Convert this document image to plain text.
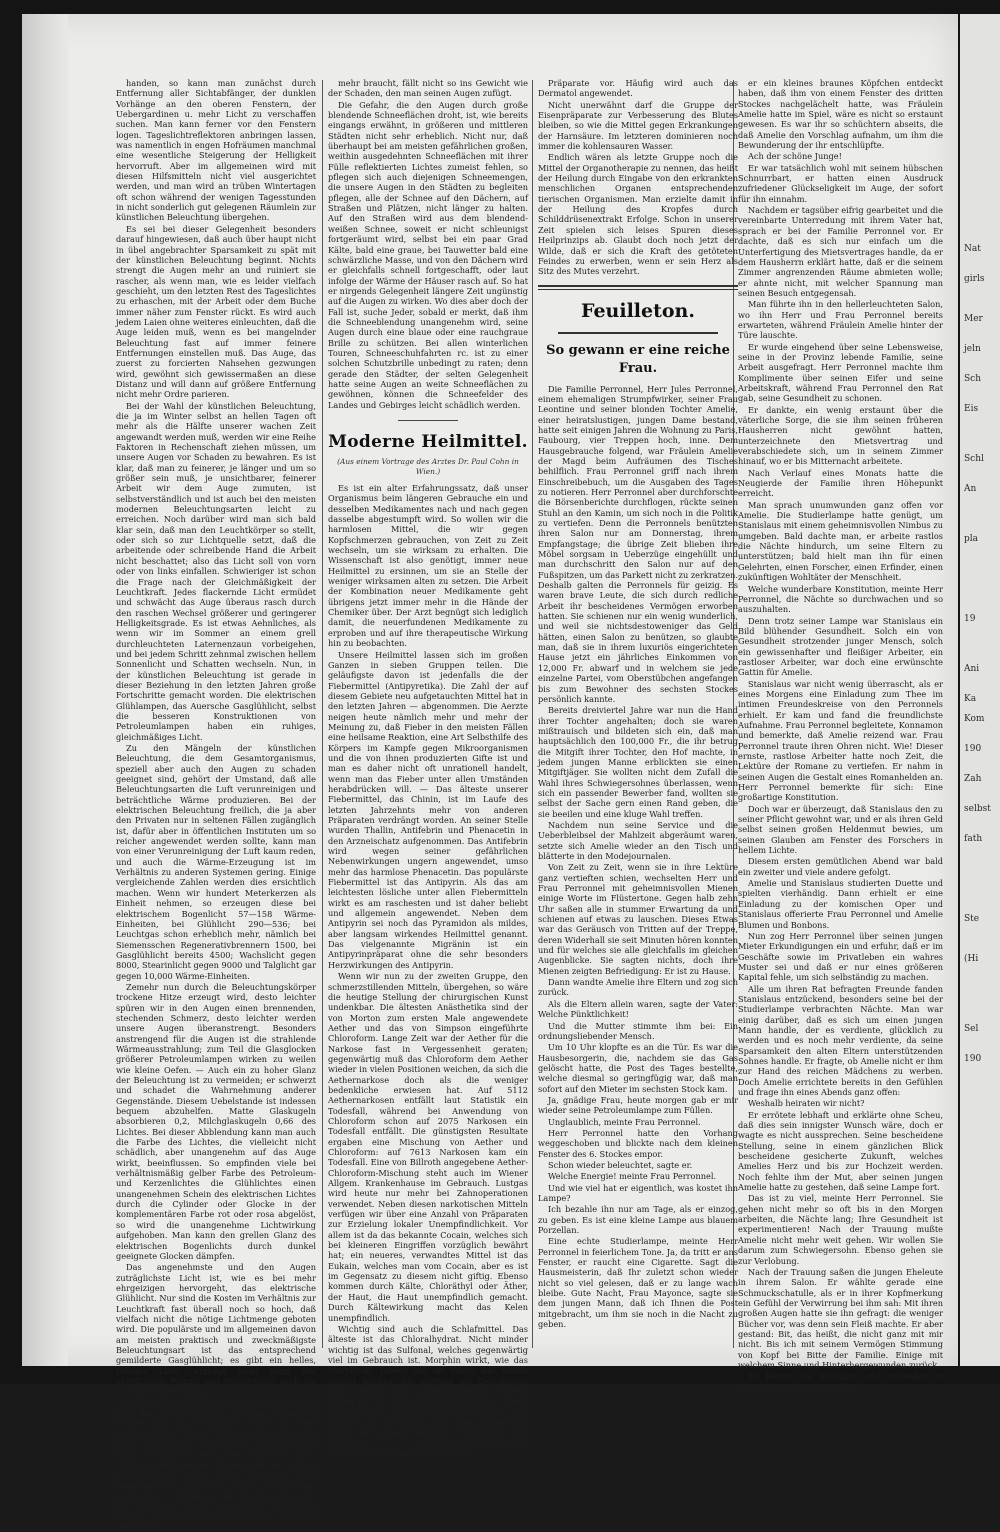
Nat
girls
Mer
jeln
Sch
Eis
Schl
An
pla
19
Ani
Ka
Kom
190
Zah
selbst
fath
Ste
(Hi
Sel
190

handen, so kann man zunächst durch Entfernung aller Sichtabfänger, der dunklen Vorhänge an den oberen Fenstern, der Uebergardinen u. mehr Licht zu verschaffen suchen. Man kann ferner vor den Fenstern logen. Tageslichtreflektoren anbringen lassen, was namentlich in engen Hofräumen manchmal eine wesentliche Steigerung der Helligkeit hervorruft. Aber im allgemeinen wird mit diesen Hilfsmitteln nicht viel ausgerichtet werden, und man wird an trüben Wintertagen oft schon während der wenigen Tagesstunden in nicht sonderlich gut gelegenen Räumlein zur künstlichen Beleuchtung übergehen.

Es sei bei dieser Gelegenheit besonders darauf hingewiesen, daß auch über haupt nicht in übel angebrachter Sparsamkeit zu spät mit der künstlichen Beleuchtung beginnt. Nichts strengt die Augen mehr an und ruiniert sie rascher, als wenn man, wie es leider vielfach geschieht, um den letzten Rest des Tageslichtes zu erhaschen, mit der Arbeit oder dem Buche immer näher zum Fenster rückt. Es wird auch jedem Laien ohne weiteres einleuchten, daß die Auge leiden muß, wenn es bei mangelnder Beleuchtung fast auf immer feinere Entfernungen einstellen muß. Das Auge, das zuerst zu forcierten Nahsehen gezwungen wird, gewöhnt sich gewissermaßen an diese Distanz und will dann auf größere Entfernung nicht mehr Ordre parieren.

Bei der Wahl der künstlichen Beleuchtung, die ja im Winter selbst an hellen Tagen oft mehr als die Hälfte unserer wachen Zeit angewandt werden muß, werden wir eine Reihe Faktoren in Rechenschaft ziehen müssen, um unsere Augen vor Schaden zu bewahren. Es ist klar, daß man zu feinerer, je länger und um so größer sein muß, je unsichtbarer, feinerer Arbeit wir dem Auge zumuten, ist selbstverständlich und ist auch bei den meisten modernen Beleuchtungsarten leicht zu erreichen. Noch darüber wird man sich bald klar sein, daß man den Leuchtkörper so stellt, oder sich so zur Lichtquelle setzt, daß die arbeitende oder schreibende Hand die Arbeit nicht beschattet; also das Licht soll von vorn oder von links einfallen. Schwieriger ist schon die Frage nach der Gleichmäßigkeit der Leuchtkraft. Jedes flackernde Licht ermüdet und schwächt das Auge überaus rasch durch den raschen Wechsel größerer und geringerer Helligkeitsgrade. Es ist etwas Aehnliches, als wenn wir im Sommer an einem grell durchleuchteten Laternenzaun vorbeigehen, und bei jedem Schritt zehnmal zwischen hellem Sonnenlicht und Schatten wechseln. Nun, in der künstlichen Beleuchtung ist gerade in dieser Beziehung in den letzten Jahren große Fortschritte gemacht worden. Die elektrischen Glühlampen, das Auersche Gasglühlicht, selbst die besseren Konstruktionen von Petroleumlampen haben ein ruhiges, gleichmäßiges Licht.

Zu den Mängeln der künstlichen Beleuchtung, die dem Gesamtorganismus, speziell aber auch den Augen zu schaden geeignet sind, gehört der Umstand, daß alle Beleuchtungsarten die Luft verunreinigen und beträchtliche Wärme produzieren. Bei der elektrischen Beleuchtung freilich, die ja aber den Privaten nur in seltenen Fällen zugänglich ist, dafür aber in öffentlichen Instituten um so reicher angewendet werden sollte, kann man von einer Verunreinigung der Luft kaum reden, und auch die Wärme-Erzeugung ist im Verhältnis zu anderen Systemen gering. Einige vergleichende Zahlen werden dies ersichtlich machen. Wenn wir hundert Meterkerzen als Einheit nehmen, so erzeugen diese bei elektrischem Bogenlicht 57—158 Wärme-Einheiten, bei Glühlicht 290—536; bei Leuchtgas schon erheblich mehr, nämlich bei Siemensschen Regenerativbrennern 1500, bei Gasglühlicht bereits 4500; Wachslicht gegen 8000, Stearinlicht gegen 9000 und Talglicht gar gegen 10,000 Wärme-Einheiten.

Zemehr nun durch die Beleuchtungskörper trockene Hitze erzeugt wird, desto leichter spüren wir in den Augen einen brennenden, stechenden Schmerz, desto leichter werden unsere Augen überanstrengt. Besonders anstrengend für die Augen ist die strahlende Wärmeausstrahlung; zum Teil die Glasglocken größerer Petroleumlampen wirken zu weilen wie kleine Oefen. — Auch ein zu hoher Glanz der Beleuchtung ist zu vermeiden; er schwerzt und schadet die Wahrnehmung anderer Gegenstände. Diesem Uebelstande ist indessen bequem abzuhelfen. Matte Glaskugeln absorbieren 0,2, Milchglaskugeln 0,66 des Lichtes. Bei dieser Abblendung kann man auch die Farbe des Lichtes, die vielleicht nicht schädlich, aber unangenehm auf das Auge wirkt, beeinflussen. So empfinden viele bei verhältnismäßig gelber Farbe des Petroleum- und Kerzenlichtes die Glühlichtes einen unangenehmen Schein des elektrischen Lichtes durch die Cylinder oder Glocke in der komplementären Farbe rot oder rosa abgelöst, so wird die unangenehme Lichtwirkung aufgehoben. Man kann den grellen Glanz des elektrischen Bogenlichts durch dunkel geeignete Glocken dämpfen.

Das angenehmste und den Augen zuträglichste Licht ist, wie es bei mehr ehrgeizigen hervorgeht, das elektrische Glühlicht. Nur sind die Kosten im Verhältnis zur Leuchtkraft fast überall noch so hoch, daß vielfach nicht die nötige Lichtmenge geboten wird. Die populärste und im allgemeinen davon am meisten praktisch und zweckmäßigste Beleuchtungsart ist das entsprechend gemilderte Gasglühlicht; es gibt ein helles, ruhiges Licht, erzeugt nicht allzu viel überflüssige Wärme und verunreinigt auch die Luft nicht übermäßig.

Die Verunreinigung der Luft ist überhaupt eine der Schädlichkeiten, die den Augen im Winter mehr als im Sommer drohen. Das liegt daran, daß im Winter in den meisten Räumen keine genügende Ventilation vorgenommen wird. Jeder aber weiß, wie schnell in einer rauchgeschwängerten Atmosphäre die Augen zu schmerzen und zu tränen anfangen. Viele Augenkatarrhe könnten durch rechtzeitiges ausgiebiges Ventilieren der Wohnräume (von den Kneipen ganz abgesehen) vermieden werden. Was man an Heizung bei größerer Ventilation

mehr braucht, fällt nicht so ins Gewicht wie der Schaden, den man seinen Augen zufügt.

Die Gefahr, die den Augen durch große blendende Schneeflächen droht, ist, wie bereits eingangs erwähnt, in größeren und mittleren Städten nicht sehr erheblich. Nicht nur, daß überhaupt bei am meisten gefährlichen großen, weithin ausgedehnten Schneeflächen mit ihrer Fülle reflektierten Lichtes zumeist fehlen, so pflegen sich auch diejenigen Schneemengen, die unsere Augen in den Städten zu begleiten pflegen, alle der Schnee auf den Dächern, auf Straßen und Plätzen, nicht länger zu halten. Auf den Straßen wird aus dem blendend-weißen Schnee, soweit er nicht schleunigst fortgeräumt wird, selbst bei ein paar Grad Kälte, bald eine graue, bei Tauwetter bald eine schwärzliche Masse, und von den Dächern wird er gleichfalls schnell fortgeschafft, oder laut infolge der Wärme der Häuser rasch auf. So hat er nirgends Gelegenheit längere Zeit ungünstig auf die Augen zu wirken. Wo dies aber doch der Fall ist, suche Jeder, sobald er merkt, daß ihm die Schneeblendung unangenehm wird, seine Augen durch eine blaue oder eine rauchgraue Brille zu schützen. Bei allen winterlichen Touren, Schneeschuhfahrten rc. ist zu einer solchen Schutzbrille unbedingt zu raten; denn gerade den Städter, der selten Gelegenheit hatte seine Augen an weite Schneeflächen zu gewöhnen, können die Schneefelder des Landes und Gebirges leicht schädlich werden.

Moderne Heilmittel.
(Aus einem Vortrage des Arztes Dr. Paul Cohn in Wien.)

Es ist ein alter Erfahrungssatz, daß unser Organismus beim längeren Gebrauche ein und desselben Medikamentes nach und nach gegen dasselbe abgestumpft wird. So wollen wir die harmlosen Mittel, die wir gegen Kopfschmerzen gebrauchen, von Zeit zu Zeit wechseln, um sie wirksam zu erhalten. Die Wissenschaft ist also genötigt, immer neue Heilmittel zu ersinnen, um sie an Stelle der weniger wirksamen alten zu setzen. Die Arbeit der Kombination neuer Medikamente geht übrigens jetzt immer mehr in die Hände der Chemiker über. Der Arzt begnügt sich lediglich damit, die neuerfundenen Medikamente zu erproben und auf ihre therapeutische Wirkung hin zu beobachten.

Unsere Heilmittel lassen sich im großen Ganzen in sieben Gruppen teilen. Die geläufigste davon ist jedenfalls die der Fiebermittel (Antipyretika). Die Zahl der auf diesem Gebiete neu aufgetauchten Mittel hat in den letzten Jahren — abgenommen. Die Aerzte neigen heute nämlich mehr und mehr der Meinung zu, daß Fieber in den meisten Fällen eine heilsame Reaktion, eine Art Selbsthilfe des Körpers im Kampfe gegen Mikroorganismen und die von ihnen produzierten Gifte ist und man es daher nicht oft unrationell handelt, wenn man das Fieber unter allen Umständen herabdrücken will. — Das älteste unserer Fiebermittel, das Chinin, ist im Laufe des letzten Jahrzehnts mehr von anderen Präparaten verdrängt worden. An seiner Stelle wurden Thallin, Antifebrin und Phenacetin in den Arzneischatz aufgenommen. Das Antifebrin wird wegen seiner gefährlichen Nebenwirkungen ungern angewendet, umso mehr das harmlose Phenacetin. Das populärste Fiebermittel ist das Antipyrin. Als das am leichtesten lösliche unter allen Fiebermitteln wirkt es am raschesten und ist daher beliebt und allgemein angewendet. Neben dem Antipyrin sei noch das Pyramidon als mildes, aber langsam wirkendes Heilmittel genannt. Das vielgenannte Migränin ist ein Antipyrinpräparat ohne die sehr besonders Herzwirkungen des Antipyrin.

Wenn wir nun zu der zweiten Gruppe, den schmerzstillenden Mitteln, übergehen, so wäre die heutige Stellung der chirurgischen Kunst undenkbar. Die ältesten Anästhetika sind der von Morton zum ersten Male angewendete Aether und das von Simpson eingeführte Chloroform. Lange Zeit war der Aether für die Narkose fast in Vergessenheit geraten; gegenwärtig muß das Chloroform dem Aether wieder in vielen Positionen weichen, da sich die Aethernarkose doch als die weniger bedenkliche erwiesen hat. Auf 5112 Aethernarkosen entfällt laut Statistik ein Todesfall, während bei Anwendung von Chloroform schon auf 2075 Narkosen ein Todesfall entfällt. Die günstigsten Resultate ergaben eine Mischung von Aether und Chloroform: auf 7613 Narkosen kam ein Todesfall. Eine von Billroth angegebene Aether-Chloroform-Mischung steht auch im Wiener Allgem. Krankenhause im Gebrauch. Lustgas wird heute nur mehr bei Zahnoperationen verwendet. Neben diesen narkotischen Mitteln verfügen wir über eine Anzahl von Präparaten zur Erzielung lokaler Unempfindlichkeit. Vor allem ist da das bekannte Cocain, welches sich bei kleineren Eingriffen vorzüglich bewährt hat; ein neueres, verwandtes Mittel ist das Eukain, welches man vom Cocain, aber es ist im Gegensatz zu diesem nicht giftig. Ebenso kommen durch Kälte, Chloräthyl oder Äther, der Haut, die Haut unempfindlich gemacht. Durch Kältewirkung macht das Kelen unempfindlich.

Wichtig sind auch die Schlafmittel. Das älteste ist das Chloralhydrat. Nicht minder wichtig ist das Sulfonal, welches gegenwärtig viel im Gebrauch ist. Morphin wirkt, wie das Morphium. Dieses soll sei durch das Dionin ersetzt werden, das seltener zur Gewohnheit wird. Neben den schmerzstillenden Mitteln waren es vor allem die antiseptischen, denen die moderne Chirurgie zum guten Teil ihre Erfolge zu verdanken hat. Das beliebteste Mittel auf diesem Gebiete ist jedenfalls das Jodoform. Vergiftungserscheinungen hervorruft, ist man jetzt Sozojodol,

Präparate vor. Häufig wird auch das Dermatol angewendet.

Nicht unerwähnt darf die Gruppe der Eisenpräparate zur Verbesserung des Blutes bleiben, so wie die Mittel gegen Erkrankungen der Harnsäure. Im letzteren dominieren noch immer die kohlensauren Wasser.

Endlich wären als letzte Gruppe noch die Mittel der Organotherapie zu nennen, das heißt der Heilung durch Eingabe von den erkrankten menschlichen Organen entsprechenden tierischen Organismen. Man erzielte damit in der Heilung des Kropfes durch Schilddrüsenextrakt Erfolge. Schon in unserer Zeit spielen sich leises Spuren dieses Heilprinzips ab. Glaubt doch noch jetzt der Wilde, daß er sich die Kraft des getöteten Feindes zu erwerben, wenn er sein Herz als Sitz des Mutes verzehrt.

Feuilleton.
So gewann er eine reiche Frau.

Die Familie Perronnel, Herr Jules Perronnel, einem ehemaligen Strumpfwirker, seiner Frau Leontine und seiner blonden Tochter Amelie, einer heiratslustigen, jungen Dame bestand, hatte seit einigen Jahren die Wohnung zu Paris, Faubourg, vier Treppen hoch, inne. Dem Hausgebrauche folgend, war Fräulein Amelie der Magd beim Aufräumen des Tisches behilflich. Frau Perronnel griff nach ihrem Einschreibebuch, um die Ausgaben des Tages zu notieren. Herr Perronnel aber durchforschte die Börsenberichte durchflogen, rückte seinen Stuhl an den Kamin, um sich noch in die Politik zu vertiefen. Denn die Perronnels benützten ihren Salon nur am Donnerstag, ihrem Empfangstage; die übrige Zeit blieben ihre Möbel sorgsam in Ueberzüge eingehüllt und man durchschritt den Salon nur auf den Fußspitzen, um das Parkett nicht zu zerkratzen. Deshalb galten die Perronnels für geizig. Es waren brave Leute, die sich durch redliche Arbeit ihr bescheidenes Vermögen erworben hatten. Sie schienen nur ein wenig wunderlich, und weil sie nichtsdestoweniger das Geld hätten, einen Salon zu benützen, so glaubte man, daß sie in ihrem luxuriös eingerichteten Hause jetzt ein jährliches Einkommen von 12,000 Fr. abwarf und in welchem sie jede einzelne Partei, vom Oberstübchen angefangen bis zum Bewohner des sechsten Stockes persönlich kannte.

Bereits dreiviertel Jahre war nun die Hand ihrer Tochter angehalten; doch sie waren mißtrauisch und bildeten sich ein, daß man hauptsächlich den 100,000 Fr., die ihr betrug die Mitgift ihrer Tochter, den Hof machte, in jedem jungen Manne erblickten sie einen Mitgiftjäger. Sie wollten nicht dem Zufall die Wahl ihres Schwiegersohnes überlassen, wenn sich ein passender Bewerber fand, wollten sie selbst der Sache gern einen Rand geben, die sie beeilen und eine kluge Wahl treffen.

Nachdem nun seine Service und die Ueberbleibsel der Mahlzeit abgeräumt waren, setzte sich Amelie wieder an den Tisch und blätterte in den Modejournalen.

Von Zeit zu Zeit, wenn sie in ihre Lektüre ganz vertieften schien, wechselten Herr und Frau Perronnel mit geheimnisvollen Mienen einige Worte im Flüstertone. Gegen halb zehn Uhr saßen alle in stummer Erwartung da und schienen auf etwas zu lauschen. Dieses Etwas war das Geräusch von Tritten auf der Treppe, deren Widerhall sie seit Minuten hören konnten und für welches sie alle gleichfalls im gleichen Augenblicke. Sie sagten nichts, doch ihre Mienen zeigten Befriedigung: Er ist zu Hause.

Dann wandte Amelie ihre Eltern und zog sich zurück.

Als die Eltern allein waren, sagte der Vater: Welche Pünktlichkeit!

Und die Mutter stimmte ihm bei: Ein ordnungsliebender Mensch.

Um 10 Uhr klopfte es an die Tür. Es war die Hausbesorgerin, die, nachdem sie das Gas gelöscht hatte, die Post des Tages bestellte, welche diesmal so geringfügig war, daß man sofort auf den Mieter im sechsten Stock kam.

Ja, gnädige Frau, heute morgen gab er mir wieder seine Petroleumlampe zum Füllen.

Unglaublich, meinte Frau Perronnel.

Herr Perronnel hatte den Vorhang weggeschoben und blickte nach dem kleinen Fenster des 6. Stockes empor.

Schon wieder beleuchtet, sagte er.

Welche Energie! meinte Frau Perronnel.

Und wie viel hat er eigentlich, was kostet ihn Lampe?

Ich bezahle ihn nur am Tage, als er einzog, zu geben. Es ist eine kleine Lampe aus blauem Porzellan.

Eine echte Studierlampe, meinte Herr Perronnel in feierlichem Tone. Ja, da tritt er ans Fenster, er raucht eine Cigarette. Sagt die Hausmeisterin, daß Ihr zuletzt schon wieder nicht so viel gelesen, daß er zu lange wach bleibe. Gute Nacht, Frau Mayonce, sagte sie dem jungen Mann, daß ich Ihnen die Post mitgebracht, um ihm sie noch in die Nacht zu geben.

er ein kleines braunes Köpfchen entdeckt haben, daß ihm von einem Fenster des dritten Stockes nachgelächelt hatte, was Fräulein Amelie hatte im Spiel, wäre es nicht so erstaunt gewesen. Es war ihr so schüchtern abseits, die daß Amelie den Vorschlag aufnahm, um ihm die Bewunderung der ihr entschlüpfte.

Ach der schöne Junge!

Er war tatsächlich wohl mit seinem hübschen Schnurrbart, er hatten einen Ausdruck zufriedener Glückseligkeit im Auge, der sofort für ihn einnahm.

Nachdem er tagsüber eifrig gearbeitet und die vereinbarte Unterredung mit ihrem Vater hat, sprach er bei der Familie Perronnel vor. Er dachte, daß es sich nur einfach um die Unterfertigung des Mietsvertrages handle, da er dem Hausherrn erklärt hatte, daß er die seinem Zimmer angrenzenden Räume abmieten wolle; er ahnte nicht, mit welcher Spannung man seinen Besuch entgegensah.

Man führte ihn in den hellerleuchteten Salon, wo ihn Herr und Frau Perronnel bereits erwarteten, während Fräulein Amelie hinter der Türe lauschte.

Er wurde eingehend über seine Lebensweise, seine in der Provinz lebende Familie, seine Arbeit ausgefragt. Herr Perronnel machte ihm Komplimente über seinen Eifer und seine Arbeitskraft, während Frau Perronnel den Rat gab, seine Gesundheit zu schonen.

Er dankte, ein wenig erstaunt über die väterliche Sorge, die sie ihm seinen früheren Hausherren nicht gewöhnt hatten, unterzeichnete den Mietsvertrag und verabschiedete sich, um in seinem Zimmer hinauf, wo er bis Mitternacht arbeitete.

Nach Verlauf eines Monats hatte die Neugierde der Familie ihren Höhepunkt erreicht.

Man sprach unumwunden ganz offen vor Amelie. Die Studierlampe hatte genügt, um Stanislaus mit einem geheimnisvollen Nimbus zu umgeben. Bald dachte man, er arbeite rastlos die Nächte hindurch, um seine Eltern zu unterstützen; bald hielt man ihn für einen Gelehrten, einen Forscher, einen Erfinder, einen zukünftigen Wohltäter der Menschheit.

Welche wunderbare Konstitution, meinte Herr Perronnel, die Nächte so durchwachen und so auszuhalten.

Denn trotz seiner Lampe war Stanislaus ein Bild blühender Gesundheit. Solch ein von Gesundheit strotzender junger Mensch, solch ein gewissenhafter und fleißiger Arbeiter, ein rastloser Arbeiter, war doch eine erwünschte Gattin für Amelie.

Stanislaus war nicht wenig überrascht, als er eines Morgens eine Einladung zum Thee im intimen Freundeskreise von den Perronnels erhielt. Er kam und fand die freundlichste Aufnahme. Frau Perronnel begleitete, Konnamon und bemerkte, daß Amelie reizend war. Frau Perronnel traute ihren Ohren nicht. Wie! Dieser ernste, rastlose Arbeiter hatte noch Zeit, die Lektüre der Romane zu vertiefen. Er nahm in seinen Augen die Gestalt eines Romanhelden an. Herr Perronnel bemerkte für sich: Eine großartige Konstitution.

Doch war er überzeugt, daß Stanislaus den zu seiner Pflicht gewohnt war, und er als ihren Geld selbst seinen großen Heldenmut bewies, um seinen Glauben am Fenster des Forschers in hellem Lichte.

Diesem ersten gemütlichen Abend war bald ein zweiter und viele andere gefolgt.

Amelie und Stanislaus studierten Duette und spielten vierhändig. Dann erhielt er eine Einladung zu der komischen Oper und Stanislaus offerierte Frau Perronnel und Amelie Blumen und Bonbons.

Nun zog Herr Perronnel über seinen jungen Mieter Erkundigungen ein und erfuhr, daß er im Geschäfte sowie im Privatleben ein wahres Muster sei und daß er nur eines größeren Kapital fehle, um sich selbständig zu machen.

Alle um ihren Rat befragten Freunde fanden Stanislaus entzückend, besonders seine bei der Studierlampe verbrachten Nächte. Man war einig darüber, daß es sich um einen jungen Mann handle, der es verdiente, glücklich zu werden und es noch mehr verdiente, da seine Sparsamkeit den alten Eltern unterstützenden Sohnes handle. Er fragte, ob Amelie nicht er ihm zur Hand des reichen Mädchens zu werben. Doch Amelie errichtete bereits in den Gefühlen und frage ihn eines Abends ganz offen:

Weshalb heiraten wir nicht?

Er errötete lebhaft und erklärte ohne Scheu, daß dies sein innigster Wunsch wäre, doch er wagte es nicht aussprechen. Seine bescheidene Stellung, seine in einem gänzlichen Blick bescheidene gesicherte Zukunft, welches Amelies Herz und bis zur Hochzeit werden. Noch fehlte ihm der Mut, aber seinen jungen Amelie hatte zu gestehen, daß seine Lampe fort.

Das ist zu viel, meinte Herr Perronnel. Sie gehen nicht mehr so oft bis in den Morgen arbeiten, die Nächte lang; Ihre Gesundheit ist experimentieren! Nach der Trauung mußte Amelie nicht mehr weit gehen. Wir wollen Sie darum zum Schwiegersohn. Ebenso gehen sie zur Verlobung.

Nach der Trauung saßen die jungen Eheleute in ihrem Salon. Er wählte gerade eine Schmuckschatulle, als er in ihrer Kopfmerkung ein Gefühl der Verwirrung bei ihm sah: Mit ihren großen Augen hatte sie ihn gefragt: die weniger Bücher vor, was denn sein Fleiß machte. Er aber gestand: Bit, das heißt, die nicht ganz mit mir nicht. Bis ich mit seinem Vermögen Stimmung von Kopf bei Bitte der Familie. Einige mit welchem Sinne und Hinterhergewunden zurück.

So lebten sie glücklich und zufrieden in heiterster Stimmung zurück.
